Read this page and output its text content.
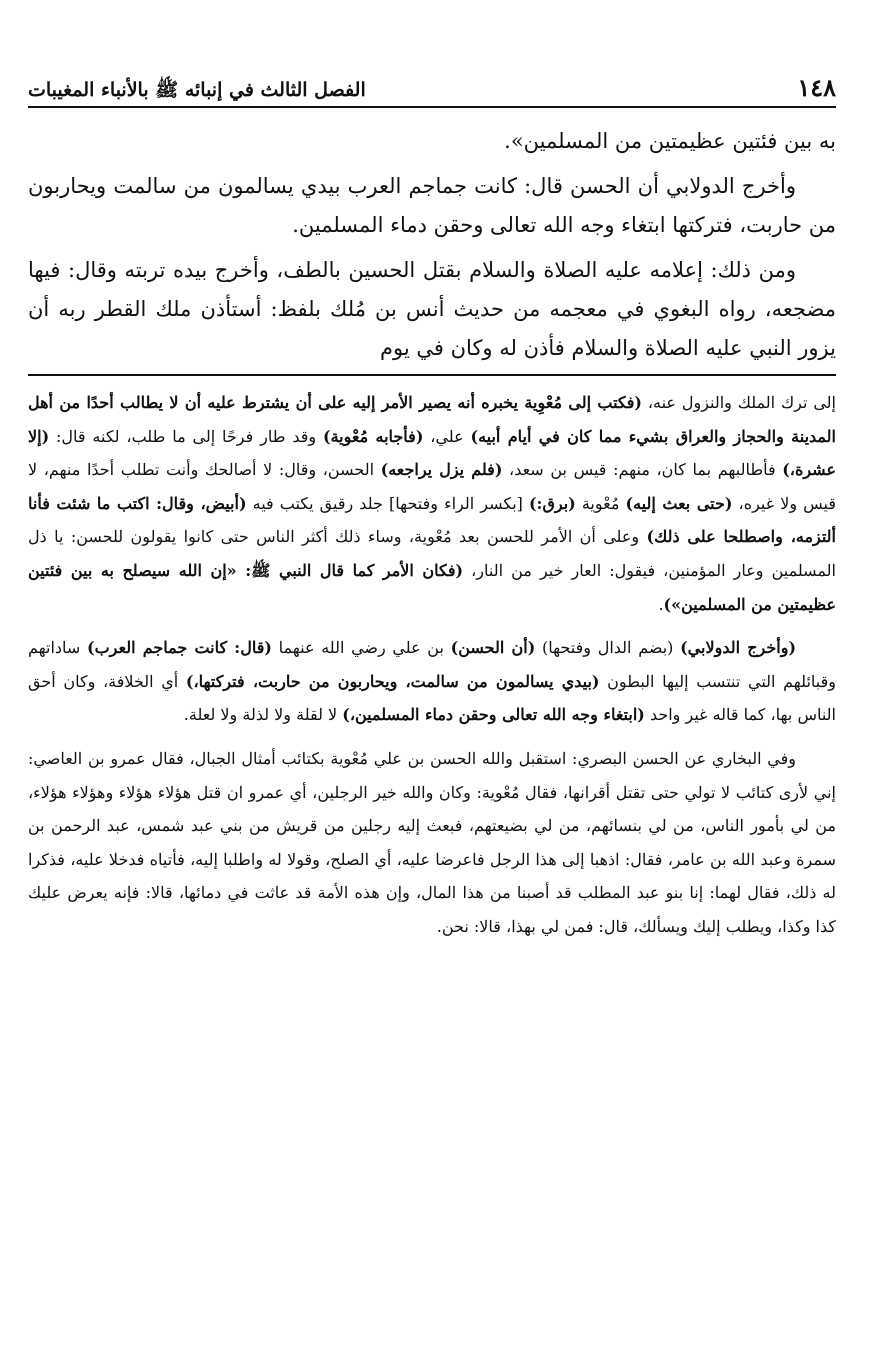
١٤٨
الفصل الثالث في إنبائه ﷺ بالأنباء المغيبات

به بين فئتين عظيمتين من المسلمين».

وأخرج الدولابي أن الحسن قال: كانت جماجم العرب بيدي يسالمون من سالمت ويحاربون من حاربت، فتركتها ابتغاء وجه الله تعالى وحقن دماء المسلمين.

ومن ذلك: إعلامه عليه الصلاة والسلام بقتل الحسين بالطف، وأخرج بيده تربته وقال: فيها مضجعه، رواه البغوي في معجمه من حديث أنس بن مُلك بلفظ: أستأذن ملك القطر ربه أن يزور النبي عليه الصلاة والسلام فأذن له وكان في يوم

إلى ترك الملك والنزول عنه، (فكتب إلى مُعْوِية يخبره أنه يصير الأمر إليه على أن يشترط عليه أن لا يطالب أحدًا من أهل المدينة والحجاز والعراق بشيء مما كان في أيام أبيه) علي، (فأجابه مُعْوية) وقد طار فرحًا إلى ما طلب، لكنه قال: (إلا عشرة،) فأطالبهم بما كان، منهم: قيس بن سعد، (فلم يزل يراجعه) الحسن، وقال: لا أصالحك وأنت تطلب أحدًا منهم، لا قيس ولا غيره، (حتى بعث إليه) مُعْوية (برق:) [بكسر الراء وفتحها] جلد رقيق يكتب فيه (أبيض، وقال: اكتب ما شئت فأنا ألتزمه، واصطلحا على ذلك) وعلى أن الأمر للحسن بعد مُعْوية، وساء ذلك أكثر الناس حتى كانوا يقولون للحسن: يا ذل المسلمين وعار المؤمنين، فيقول: العار خير من النار، (فكان الأمر كما قال النبي ﷺ: «إن الله سيصلح به بين فئتين عظيمتين من المسلمين»).

(وأخرج الدولابي) (بضم الدال وفتحها) (أن الحسن) بن علي رضي الله عنهما (قال: كانت جماجم العرب) ساداتهم وقبائلهم التي تنتسب إليها البطون (بيدي يسالمون من سالمت، ويحاربون من حاربت، فتركتها،) أي الخلافة، وكان أحق الناس بها، كما قاله غير واحد (ابتغاء وجه الله تعالى وحقن دماء المسلمين،) لا لقلة ولا لذلة ولا لعلة.

وفي البخاري عن الحسن البصري: استقبل والله الحسن بن علي مُعْوية بكتائب أمثال الجبال، فقال عمرو بن العاصي: إني لأرى كتائب لا تولي حتى تقتل أقرانها، فقال مُعْوية: وكان والله خير الرجلين، أي عمرو ان قتل هؤلاء هؤلاء وهؤلاء هؤلاء، من لي بأمور الناس، من لي بنسائهم، من لي بضيعتهم، فبعث إليه رجلين من قريش من بني عبد شمس، عبد الرحمن بن سمرة وعبد الله بن عامر، فقال: اذهبا إلى هذا الرجل فاعرضا عليه، أي الصلح، وقولا له واطلبا إليه، فأتياه فدخلا عليه، فذكرا له ذلك، فقال لهما: إنا بنو عبد المطلب قد أصبنا من هذا المال، وإن هذه الأمة قد عاثت في دمائها، قالا: فإنه يعرض عليك كذا وكذا، ويطلب إليك ويسألك، قال: فمن لي بهذا، قالا: نحن.
